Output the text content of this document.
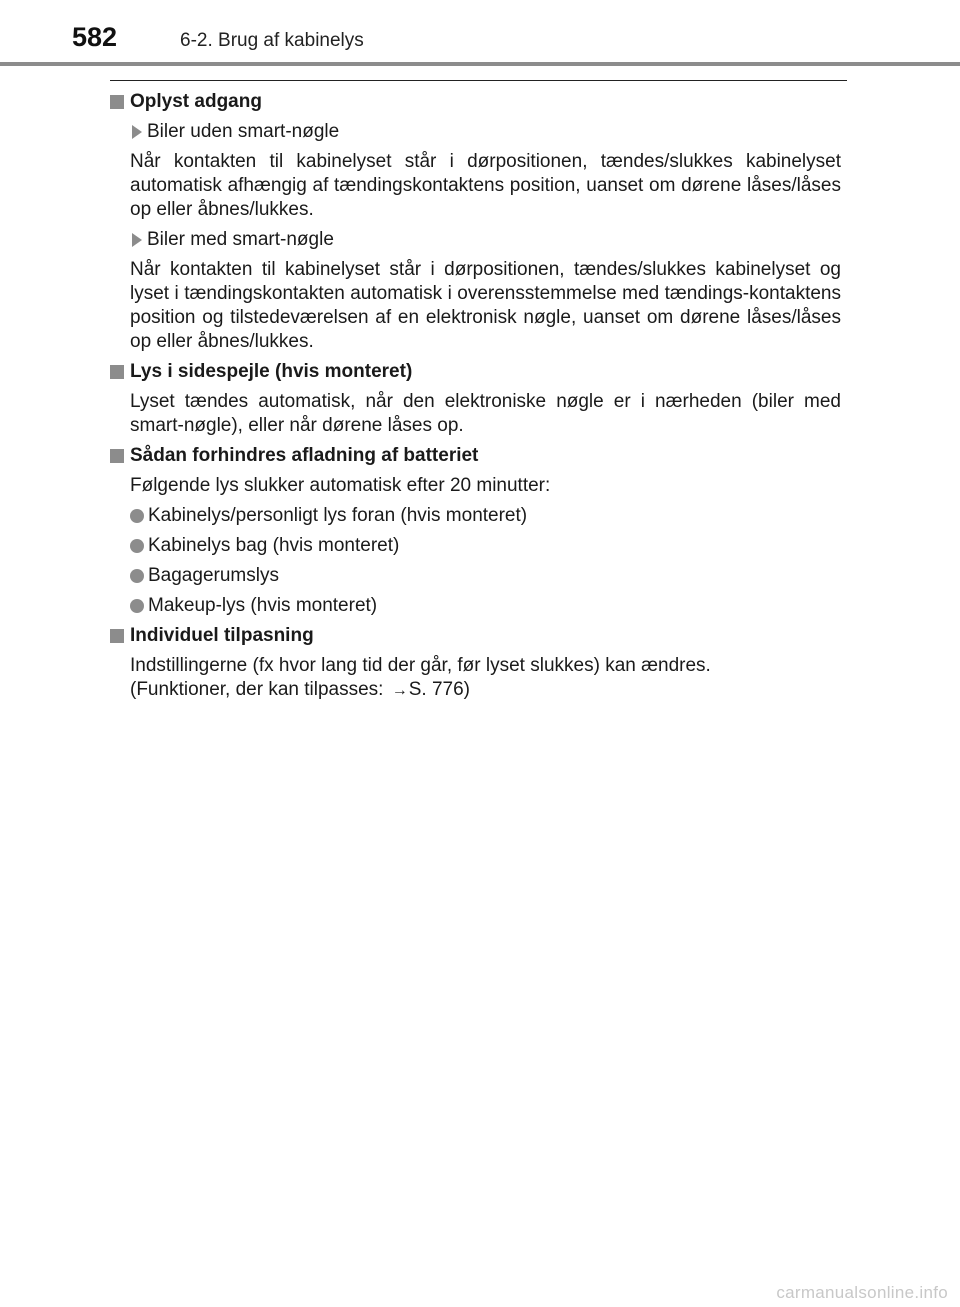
582	6-2. Brug af kabinelys
Oplyst adgang
Biler uden smart-nøgle
Når kontakten til kabinelyset står i dørpositionen, tændes/slukkes kabinelyset automatisk afhængig af tændingskontaktens position, uanset om dørene låses/låses op eller åbnes/lukkes.
Biler med smart-nøgle
Når kontakten til kabinelyset står i dørpositionen, tændes/slukkes kabinelyset og lyset i tændingskontakten automatisk i overensstemmelse med tændings-kontaktens position og tilstedeværelsen af en elektronisk nøgle, uanset om dørene låses/låses op eller åbnes/lukkes.
Lys i sidespejle (hvis monteret)
Lyset tændes automatisk, når den elektroniske nøgle er i nærheden (biler med smart-nøgle), eller når dørene låses op.
Sådan forhindres afladning af batteriet
Følgende lys slukker automatisk efter 20 minutter:
Kabinelys/personligt lys foran (hvis monteret)
Kabinelys bag (hvis monteret)
Bagagerumslys
Makeup-lys (hvis monteret)
Individuel tilpasning
Indstillingerne (fx hvor lang tid der går, før lyset slukkes) kan ændres.
(Funktioner, der kan tilpasses: →S. 776)
carmanualsonline.info
